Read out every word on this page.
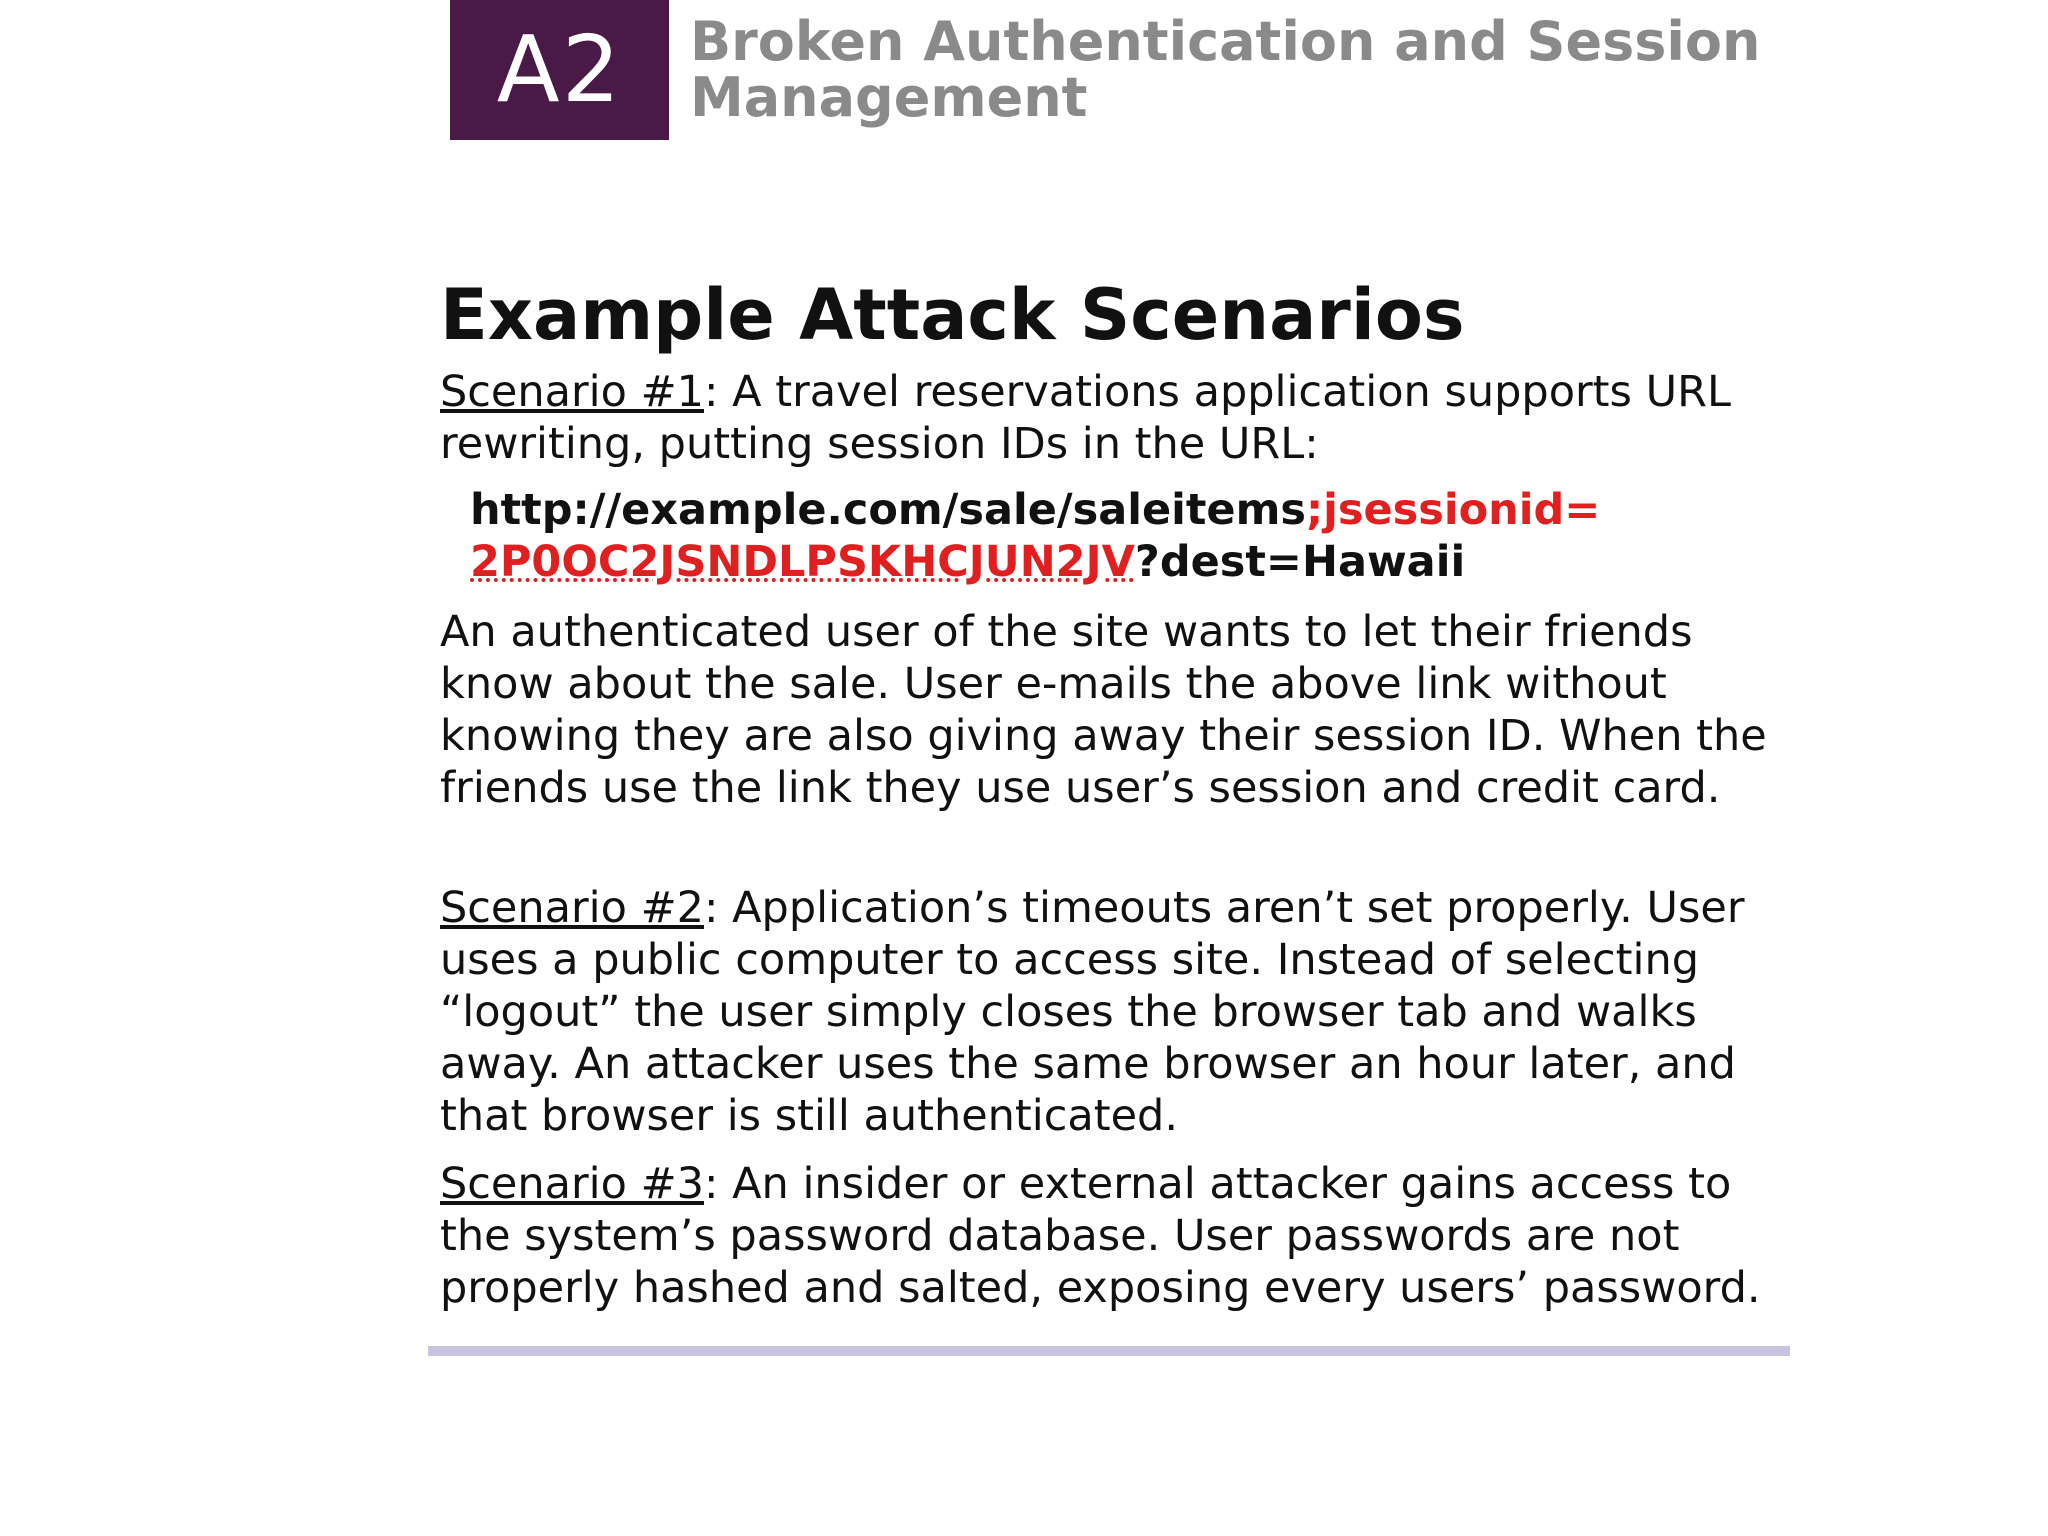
A2	Broken Authentication and Session
Management
Example Attack Scenarios
Scenario #1: A travel reservations application supports URL rewriting, putting session IDs in the URL:
http://example.com/sale/saleitems;jsessionid=
2P0OC2JSNDLPSKHCJUN2JV?dest=Hawaii
An authenticated user of the site wants to let their friends know about the sale. User e-mails the above link without knowing they are also giving away their session ID. When the friends use the link they use user’s session and credit card.
Scenario #2: Application’s timeouts aren’t set properly. User uses a public computer to access site. Instead of selecting “logout” the user simply closes the browser tab and walks away. An attacker uses the same browser an hour later, and that browser is still authenticated.
Scenario #3: An insider or external attacker gains access to the system’s password database. User passwords are not properly hashed and salted, exposing every users’ password.
